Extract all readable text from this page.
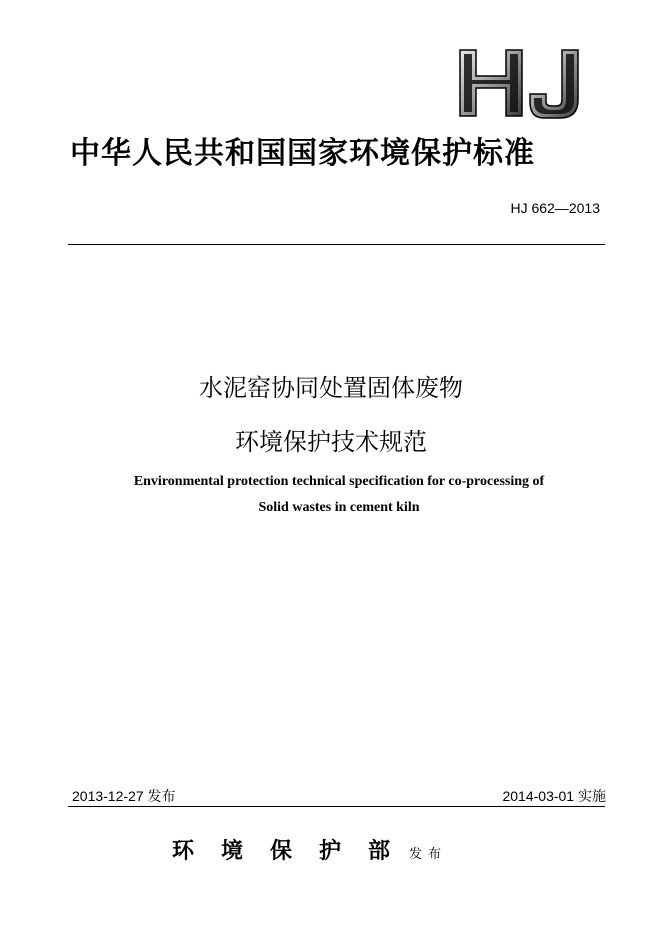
中华人民共和国国家环境保护标准
HJ 662—2013
水泥窑协同处置固体废物
环境保护技术规范
Environmental protection technical specification for co-processing of
Solid wastes in cement kiln
2013-12-27 发布	2014-03-01 实施
环境保护部
发布
